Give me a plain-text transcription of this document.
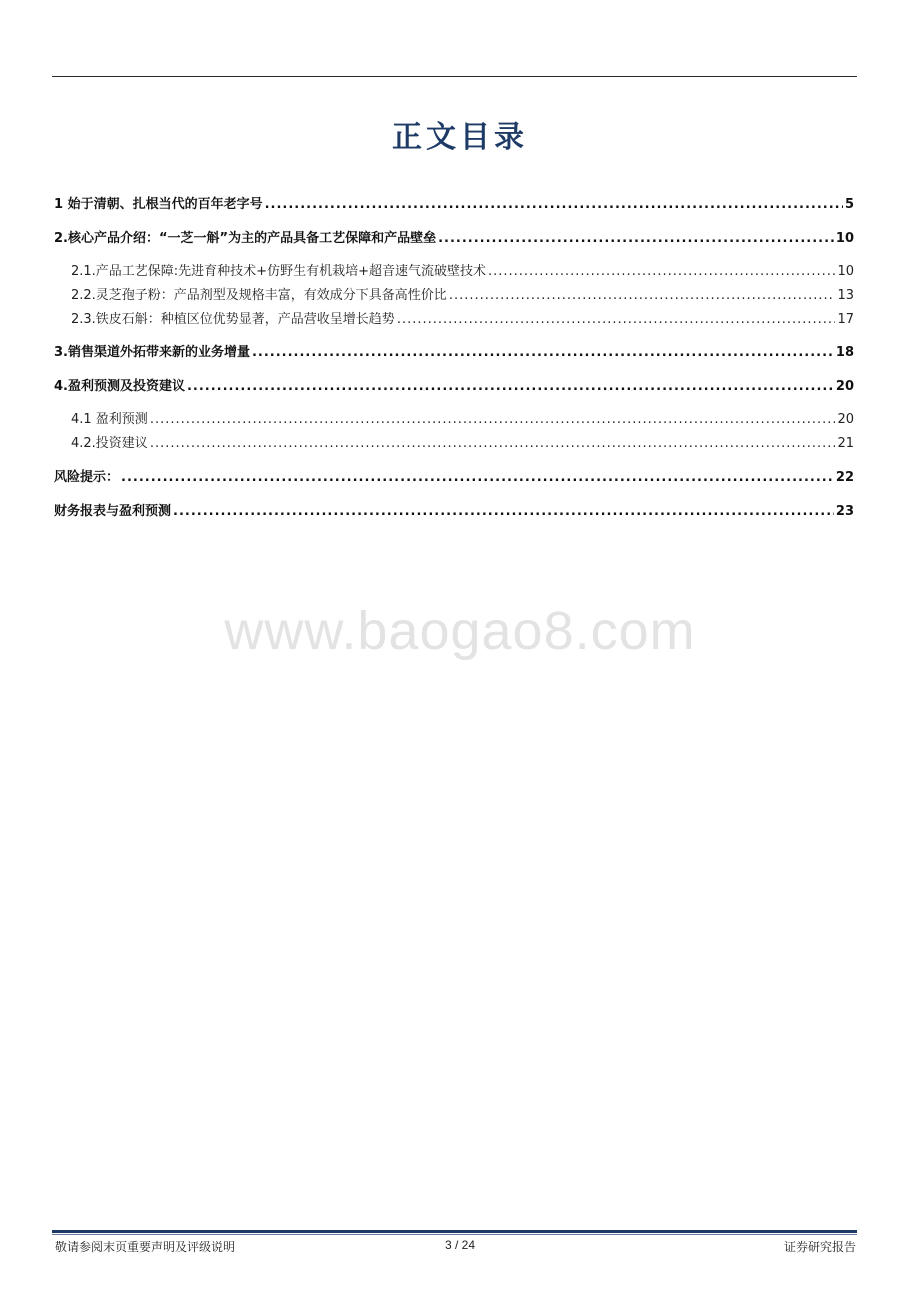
正文目录
1 始于清朝、扎根当代的百年老字号 .....	5
2.核心产品介绍：“一芝一斛”为主的产品具备工艺保障和产品壁垒 .....	10
2.1.产品工艺保障:先进育种技术+仿野生有机栽培+超音速气流破壁技术 .....	10
2.2.灵芝孢子粉：产品剂型及规格丰富，有效成分下具备高性价比 .....	13
2.3.铁皮石斛：种植区位优势显著，产品营收呈增长趋势 .....	17
3.销售渠道外拓带来新的业务增量 .....	18
4.盈利预测及投资建议 .....	20
4.1 盈利预测 .....	20
4.2.投资建议 .....	21
风险提示： .....	22
财务报表与盈利预测 .....	23
www.baogao8.com
敬请参阅末页重要声明及评级说明	3 / 24	证券研究报告
